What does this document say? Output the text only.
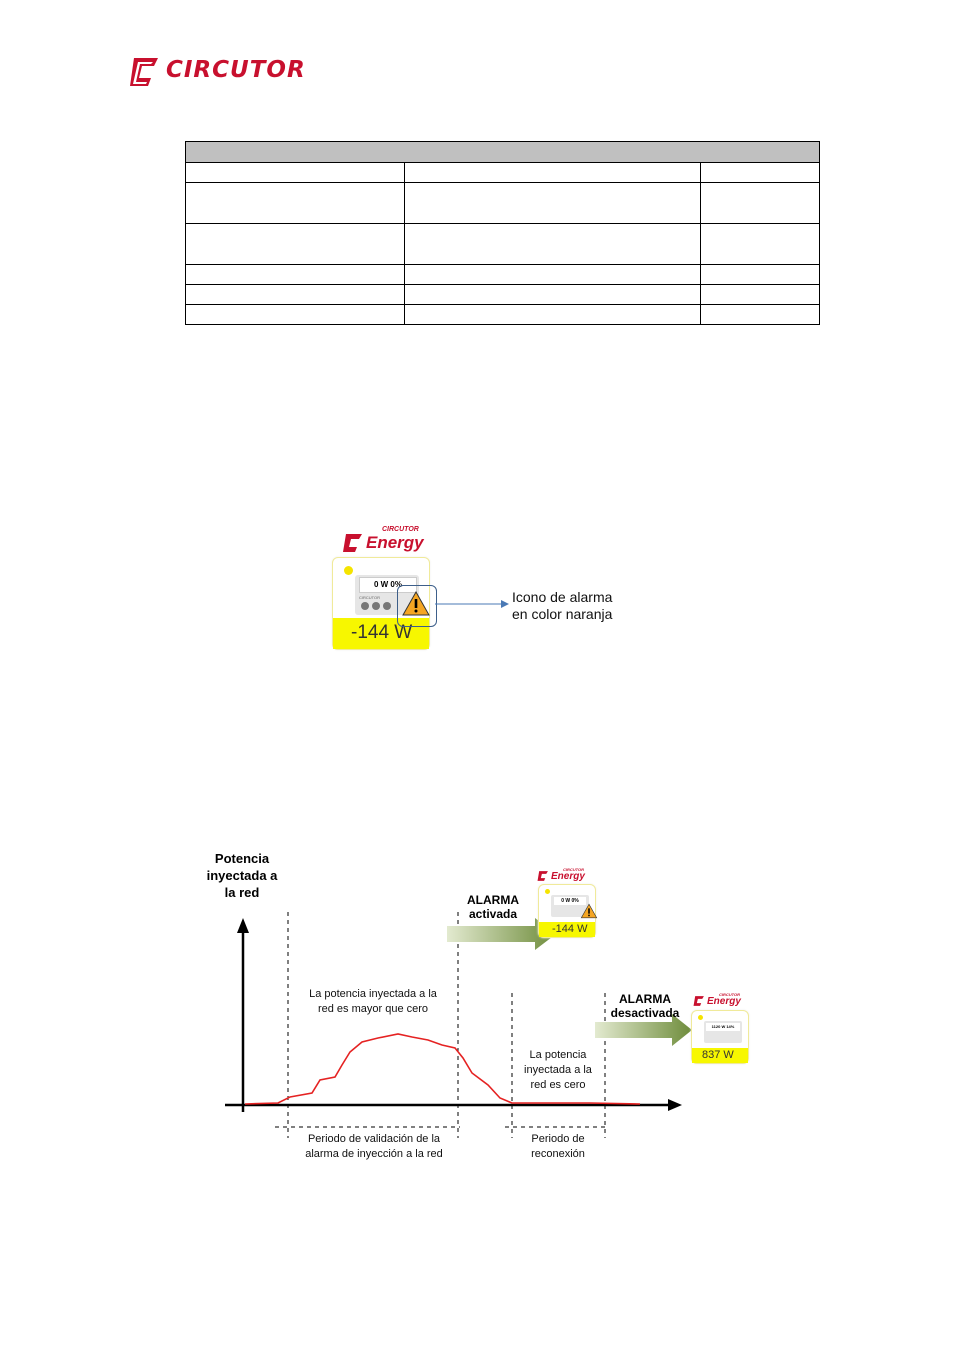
CIRCUTOR

CIRCUTOR
Energy
0 W 0%
CIRCUTOR
-144 W
Icono de alarma
en color naranja
Potencia
inyectada a
la red	ALARMA
activada
CIRCUTOR
Energy
0 W 0%
-144 W
ALARMA
desactivada
CIRCUTOR
Energy
1120 W 14%
837 W
La potencia inyectada a la
red es mayor que cero
La potencia
inyectada a la
red es cero
Periodo de validación de la
alarma de inyección a la red
Periodo de
reconexión
